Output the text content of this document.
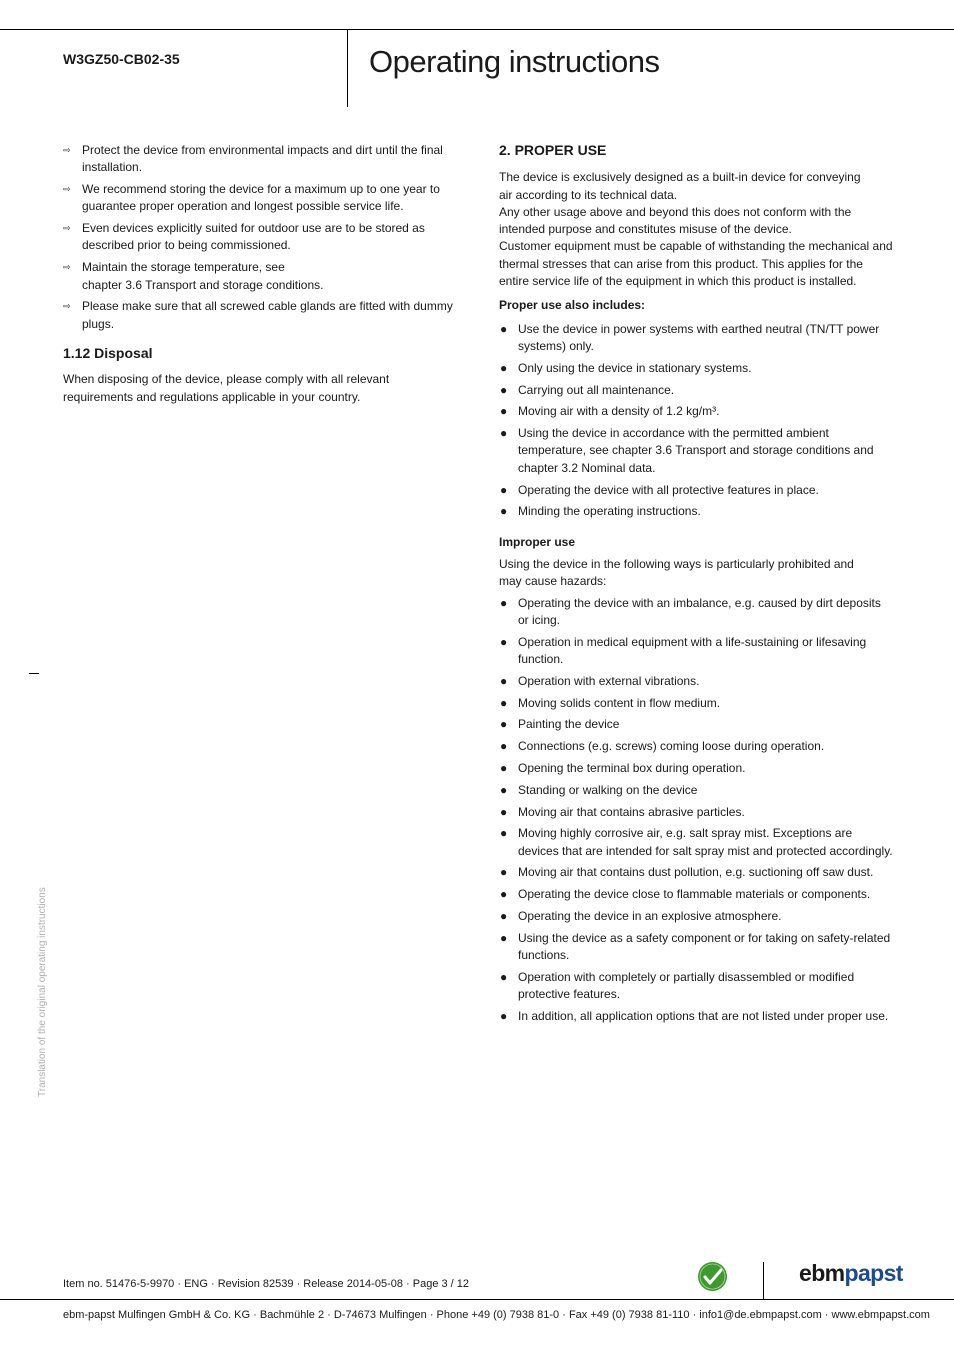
W3GZ50-CB02-35	Operating instructions
⇨ Protect the device from environmental impacts and dirt until the final installation.
⇨ We recommend storing the device for a maximum up to one year to guarantee proper operation and longest possible service life.
⇨ Even devices explicitly suited for outdoor use are to be stored as described prior to being commissioned.
⇨ Maintain the storage temperature, see
chapter 3.6 Transport and storage conditions.
⇨ Please make sure that all screwed cable glands are fitted with dummy plugs.
1.12 Disposal

When disposing of the device, please comply with all relevant requirements and regulations applicable in your country.

2. PROPER USE

The device is exclusively designed as a built-in device for conveying
air according to its technical data.

Any other usage above and beyond this does not conform with the intended purpose and constitutes misuse of the device.

Customer equipment must be capable of withstanding the mechanical and thermal stresses that can arise from this product. This applies for the entire service life of the equipment in which this product is installed.

Proper use also includes:
● Use the device in power systems with earthed neutral (TN/TT power systems) only.
● Only using the device in stationary systems.
● Carrying out all maintenance.
● Moving air with a density of 1.2 kg/m³.
● Using the device in accordance with the permitted ambient temperature, see chapter 3.6 Transport and storage conditions and chapter 3.2 Nominal data.
● Operating the device with all protective features in place.
● Minding the operating instructions.
Improper use

Using the device in the following ways is particularly prohibited and
may cause hazards:

● Operating the device with an imbalance, e.g. caused by dirt deposits or icing.
● Operation in medical equipment with a life-sustaining or lifesaving function.
● Operation with external vibrations.
● Moving solids content in flow medium.
● Painting the device
● Connections (e.g. screws) coming loose during operation.
● Opening the terminal box during operation.
● Standing or walking on the device
● Moving air that contains abrasive particles.
● Moving highly corrosive air, e.g. salt spray mist. Exceptions are devices that are intended for salt spray mist and protected accordingly.
● Moving air that contains dust pollution, e.g. suctioning off saw dust.
● Operating the device close to flammable materials or components.
● Operating the device in an explosive atmosphere.
● Using the device as a safety component or for taking on safety-related functions.
● Operation with completely or partially disassembled or modified protective features.
● In addition, all application options that are not listed under proper use.
Translation of the original operating instructions
Item no. 51476-5-9970 · ENG · Revision 82539 · Release 2014-05-08 · Page 3 / 12	ebmpapst
ebm-papst Mulfingen GmbH & Co. KG · Bachmühle 2 · D-74673 Mulfingen · Phone +49 (0) 7938 81-0 · Fax +49 (0) 7938 81-110 · info1@de.ebmpapst.com · www.ebmpapst.com
